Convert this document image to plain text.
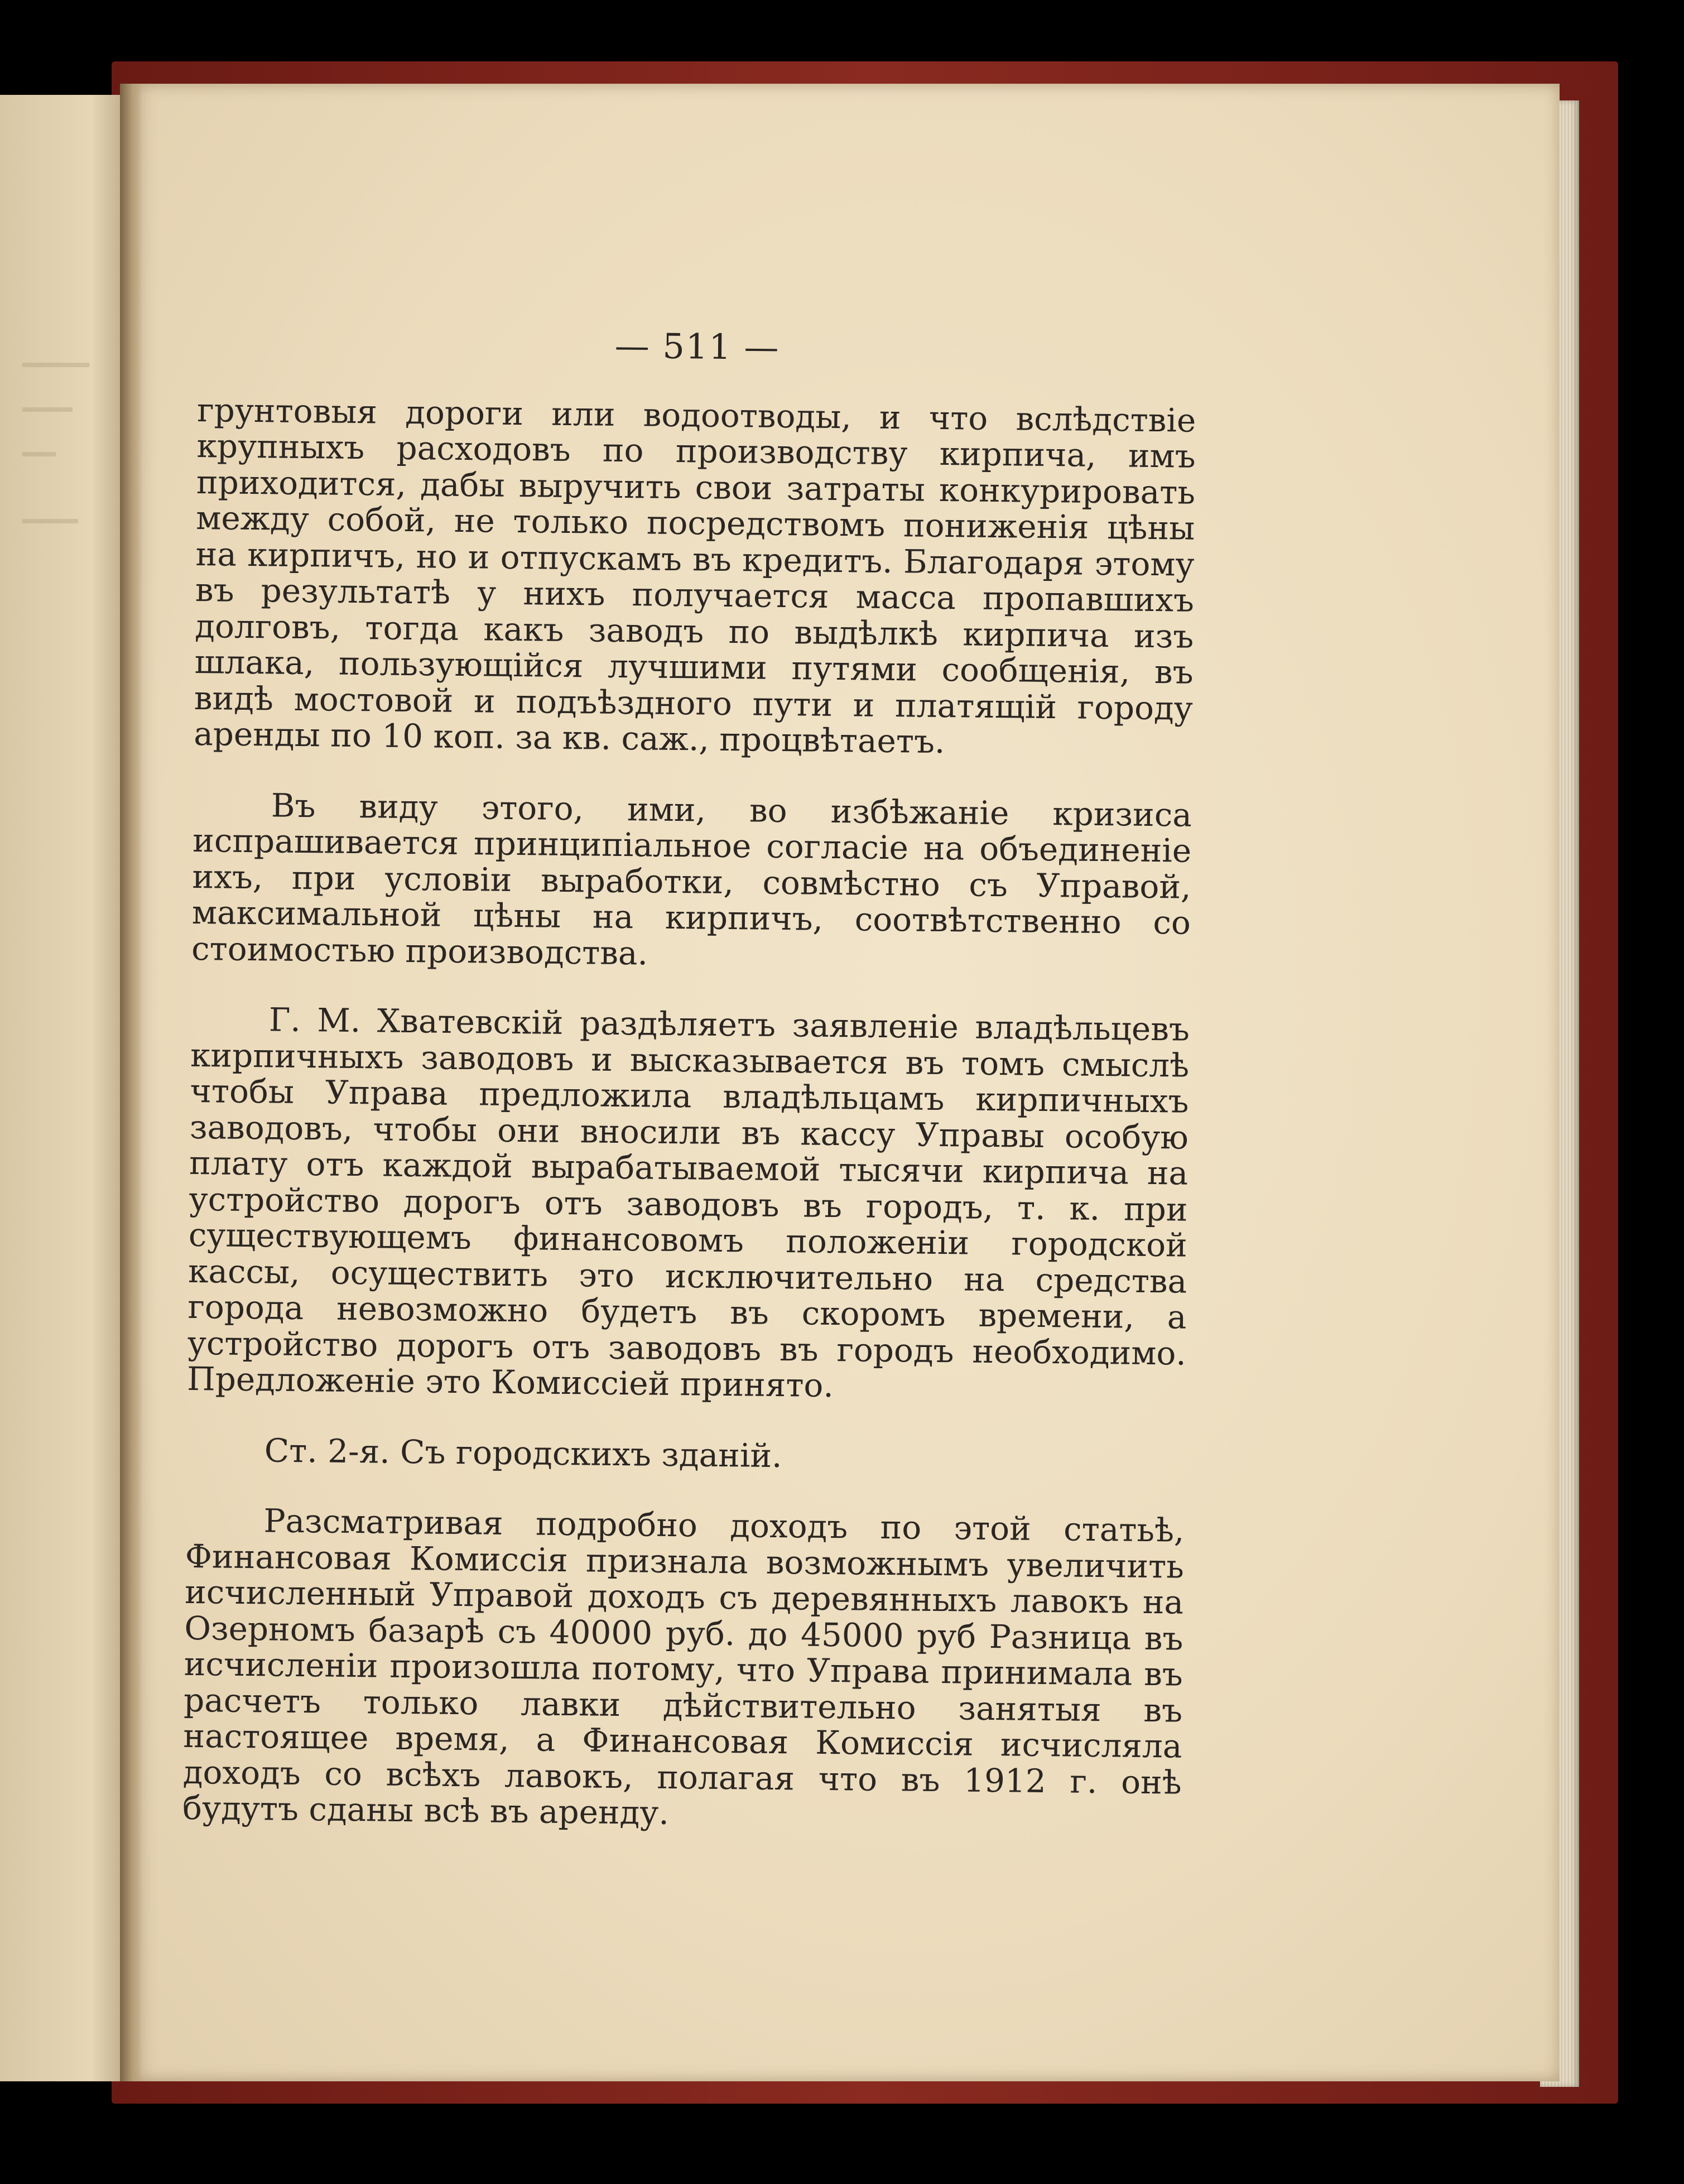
— 511 —

грунтовыя дороги или водоотводы, и что вслѣдствіе крупныхъ расходовъ по производству кирпича, имъ приходится, дабы выручить свои затраты конкурировать между собой, не только посредствомъ пониженія цѣны на кирпичъ, но и отпускамъ въ кредитъ. Благодаря этому въ результатѣ у нихъ получается масса пропавшихъ долговъ, тогда какъ заводъ по выдѣлкѣ кирпича изъ шлака, пользующійся лучшими путями сообщенія, въ видѣ мостовой и подъѣздного пути и платящій городу аренды по 10 коп. за кв. саж., процвѣтаетъ.

Въ виду этого, ими, во избѣжаніе кризиса испрашивается принципіальное согласіе на объединеніе ихъ, при условіи выработки, совмѣстно съ Управой, максимальной цѣны на кирпичъ, соотвѣтственно со стоимостью производства.

Г. М. Хватевскій раздѣляетъ заявленіе владѣльцевъ кирпичныхъ заводовъ и высказывается въ томъ смыслѣ чтобы Управа предложила владѣльцамъ кирпичныхъ заводовъ, чтобы они вносили въ кассу Управы особую плату отъ каждой вырабатываемой тысячи кирпича на устройство дорогъ отъ заводовъ въ городъ, т. к. при существующемъ финансовомъ положеніи городской кассы, осуществить это исключительно на средства города невозможно будетъ въ скоромъ времени, а устройство дорогъ отъ заводовъ въ городъ необходимо. Предложеніе это Комиссіей принято.

Ст. 2-я. Съ городскихъ зданій.

Разсматривая подробно доходъ по этой статьѣ, Финансовая Комиссія признала возможнымъ увеличить исчисленный Управой доходъ съ деревянныхъ лавокъ на Озерномъ базарѣ съ 40000 руб. до 45000 руб Разница въ исчисленіи произошла потому, что Управа принимала въ расчетъ только лавки дѣйствительно занятыя въ настоящее время, а Финансовая Комиссія исчисляла доходъ со всѣхъ лавокъ, полагая что въ 1912 г. онѣ будутъ сданы всѣ въ аренду.
